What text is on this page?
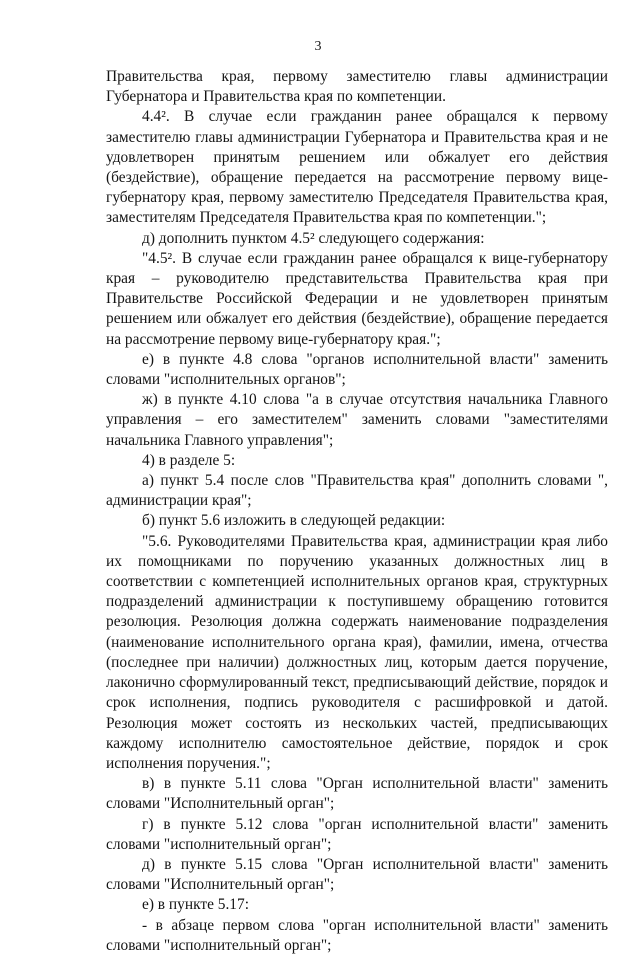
3

Правительства края, первому заместителю главы администрации Губернатора и Правительства края по компетенции.

4.4². В случае если гражданин ранее обращался к первому заместителю главы администрации Губернатора и Правительства края и не удовлетворен принятым решением или обжалует его действия (бездействие), обращение передается на рассмотрение первому вице-губернатору края, первому заместителю Председателя Правительства края, заместителям Председателя Правительства края по компетенции.";

д) дополнить пунктом 4.5² следующего содержания:

"4.5². В случае если гражданин ранее обращался к вице-губернатору края – руководителю представительства Правительства края при Правительстве Российской Федерации и не удовлетворен принятым решением или обжалует его действия (бездействие), обращение передается на рассмотрение первому вице-губернатору края.";

е) в пункте 4.8 слова "органов исполнительной власти" заменить словами "исполнительных органов";

ж) в пункте 4.10 слова "а в случае отсутствия начальника Главного управления – его заместителем" заменить словами "заместителями начальника Главного управления";

4) в разделе 5:

а) пункт 5.4 после слов "Правительства края" дополнить словами ", администрации края";

б) пункт 5.6 изложить в следующей редакции:

"5.6. Руководителями Правительства края, администрации края либо их помощниками по поручению указанных должностных лиц в соответствии с компетенцией исполнительных органов края, структурных подразделений администрации к поступившему обращению готовится резолюция. Резолюция должна содержать наименование подразделения (наименование исполнительного органа края), фамилии, имена, отчества (последнее при наличии) должностных лиц, которым дается поручение, лаконично сформулированный текст, предписывающий действие, порядок и срок исполнения, подпись руководителя с расшифровкой и датой. Резолюция может состоять из нескольких частей, предписывающих каждому исполнителю самостоятельное действие, порядок и срок исполнения поручения.";

в) в пункте 5.11 слова "Орган исполнительной власти" заменить словами "Исполнительный орган";

г) в пункте 5.12 слова "орган исполнительной власти" заменить словами "исполнительный орган";

д) в пункте 5.15 слова "Орган исполнительной власти" заменить словами "Исполнительный орган";

е) в пункте 5.17:

- в абзаце первом слова "орган исполнительной власти" заменить словами "исполнительный орган";
